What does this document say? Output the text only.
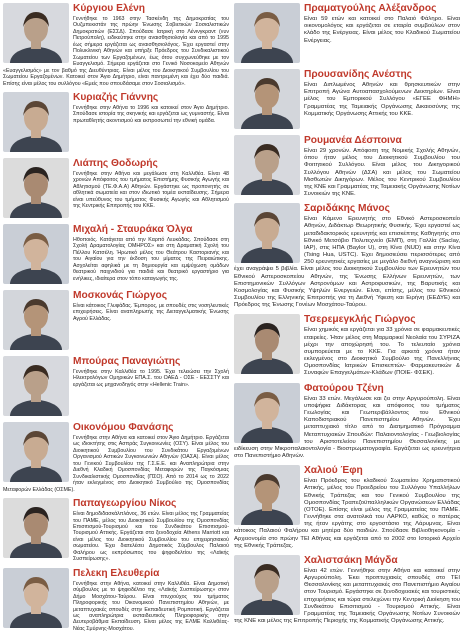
Κύργιου Ελένη

Γεννήθηκε το 1963 στην Τασκένδη της Δημοκρατίας του Ουζμπεκιστάν της πρώην Ένωσης Σοβιετικών Σοσιαλιστικών Δημοκρατιών (ΕΣΣΔ). Σπούδασε Ιατρική στο Λένινγκραντ (νυν Πετρούπολη), ειδικεύτηκε στην αναισθησιολογία και από το 1995 έως σήμερα εργάζεται ως αναισθησιολόγος. Έχει εργαστεί στην Πολυκλινική Αθηνών και υπήρξε Πρόεδρος του Συνδικαλιστικού Σωματείου των Εργαζομένων, έως ότου συγχωνεύθηκε με τον Ευαγγελισμό. Σήμερα εργάζεται στο Γενικό Νοσοκομείο Αθηνών «Ευαγγελισμός» με τον βαθμό της Διευθύντριας. Είναι μέλος του Διοικητικού Συμβουλίου του Σωματείου Εργαζομένων. Κατοικεί στον Άγιο Δημήτριο, είναι παντρεμένη και έχει δύο παιδιά. Επίσης είναι μέλος του συλλόγου «Εμείς που σπουδάσαμε στον Σοσιαλισμό».

Κυριαζής Γιάννης

Γεννήθηκε στην Αθήνα το 1996 και κατοικεί στον Άγιο Δημήτριο. Σπούδασε ιστορία της σκηνικής και εργάζεται ως γυμναστής. Είναι πρωταθλητής ακοντισμού και εκπροσωπεί την εθνική ομάδα.

Λιάπης Θοδωρής

Γεννήθηκε στην Αθήνα και μεγάλωσε στη Καλλιθέα. Είναι 48 χρονών Απόφοιτος του τμήματος Επιστήμης Φυσικής Αγωγής και Αθλητισμού (ΤΕ.Φ.Α.Α) Αθηνών. Εργάστηκε ως προπονητής σε αθλητικά σωματεία και στον ιδιωτικό τομέα εκπαίδευσης. Σήμερα είναι υπεύθυνος του τμήματος Φυσικής Αγωγής και Αθλητισμού της Κεντρικής Επιτροπής του ΚΚΕ.

Μιχαλή - Σταυράκα Όλγα

Ηθοποιός. Κατάγεται από την Καρπό Λευκάδας. Σπούδασε στη Σχολή Δραματολογίας ΟΜΗΡΟΣ» και στη Δραματική Σχολή του Πέλλου Κατσέλη. Ήρωτικό μέλος του Θεάτρου Καστοριανής και του Αιγαίου για την έκδοση του μίματος της Πειραιώτικης. Ασχολείται αφηλικά με τη δημιουργία και εμψύχωση ομάδων θεατρικού παιχνιδιού για παιδιά και θεατρικό εργαστήριο για ενήλικες, ιδιαίτερα στον τόπο καταγωγής της.

Μοσκονάς Γιώργος

Είναι κάτοικος Γλυφάδας. Έμπορος, με σπουδές στις νοσηλευτικές επιχειρήσεις. Είναι αναπληρωτής της Διεταγγελματικής Ένωσης Αγρού Ελλάδας.

Μπούρας Παναγιώτης

Γεννήθηκε στην Καλλιθέα το 1995. Έχει τελειώσει την Σχολή Ηλεκτρολόγων Ομηρικών ΕΠΑ.Σ. του ΟΑΕΔ - ΟΣΕ - ΕΕΣΣΤΥ και εργάζεται ως μηχανοδηγός στην «Hellenic Train».

Οικονόμου Φανάσης

Γεννήθηκε στην Αθήνα και κατοικεί στον Άγιο Δημήτριο. Εργάζεται ως ιδιοκτήτης στις Ασπράς Συγκοινωνίες (ΟΣΥ). Είναι μέλος του Διοικητικού Συμβουλίου του Συνδικάτου Εργαζομένων Οργανισμού Αστικών Συγκοινωνιών Αθηνών (ΟΑΣΑ). Είναι μέλος του Γενικού Συμβουλίου της Γ.Σ.Ε.Ε. και Αναπληρώτρια στην Διεθνή Κλαδική Ομοσπονδίας Μεταφορών της Παγκόσμιας Συνδικαλιστικής Ομοσπονδίας (ΠΣΟ). Από το 2014 ως το 2022 ήταν εκλεγμένος στο Διοικητικό Συμβούλιο της Ομοσπονδίας Μεταφορών Ελλάδας (ΟΣΜΕ).

Παπαγεωργίου Νίκος

Είναι δημοδιδασκάλπλάνος, 36 ετών. Είναι μέλος της Γραμματείας του ΠΑΜΕ, μέλος του Διοικητικού Συμβουλίου της Ομοσπονδίας Επισιτισμού-Τουρισμού και του Συνδικάτου Επισιτισμού-Τουρισμού Αττικής. Εργάζεται στα ξενοδοχεία Athens Marriott και είναι μέλος του Διοικητικού Συμβουλίου του επιχειρησιακού σωματείου. Έχει διατελέσει Δημοτικός Σύμβουλος Παλαιού Φαλήρου ως εκπρόσωπος του ψηφοδελτίου της «Λαϊκής Συσπείρωσης».

Πελεκη Ελευθερία

Γεννήθηκε στην Αθήνα, κατοικεί στην Καλλιθέα. Είναι Δημοτική σύμβουλος με το ψηφοδέλτιο της «Λαϊκής Συσπείρωσης» στον Δήμο Μοσχάτου-Ταύρου. Είναι πτυχιούχος του τμήματος Πληροφορικής του Οικονομικού Πανεπιστημίου Αθηνών, με μεταπτυχιακές σπουδές στην Εκπαιδευτική Ρομποτική. Εργάζεται ως αναπληρώτρια εκπαιδευτικός Πληροφορικής στην Δευτεροβάθμια Εκπαίδευση. Είναι μέλος της ΕΛΜΕ Καλλιθέας-Νέας Σμύρνης-Μοσχάτου.

Πραματγούλης Αλέξανδρος

Είναι 59 ετών και κατοικεί στο Παλαιό Φάληρο. Είναι οικονομολόγος και εργάζεται σε εταιρία συμβούλων στον κλάδο της Ενέργειας. Είναι μέλος του Κλαδικού Σωματείου Ενέργειας.

Προυσανίδης Ανέστης

Είναι Διπλωμένος Αθηνών και θρησκευτικών στην Επιτροπή Αγώνα Αυτοαπασχολούμενων Διεκτηρίων. Είναι μέλος του Εμπορικού Συλλόγου «ΕΓΕΕ ΦΗΜΗ» Γραμματέας της Ταμειακής Οργάνωσης Δικαιοσύνης της Κομματικής Οργάνωσης Αττικής του ΚΚΕ.

Ρουμανέα Δέσποινα

Είναι 29 χρονών. Απόφοιτη της Νομικής Σχολής Αθηνών, όπου ήταν μέλος του Διοικητικού Συμβουλίου του Φοιτητικού Συλλόγου. Είναι μέλος του Δικηγορικού Συλλόγου Αθηνών (ΔΣΑ) και μέλος του Σωματείου Μισθωτών Δικηγόρων. Μέλος του Κεντρικού Συμβουλίου της ΚΝΕ και Γραμματέας της Ταμειακής Οργάνωσης Νοτίων Συνοικιών της ΚΝΕ.

Σαριδάκης Μάνος

Είναι Κάμενο Ερευνητής στο Εθνικό Αστεροσκοπείο Αθηνών, Διδάκτωρ Θεωρητικής Φυσικής. Έχει εργαστεί ως μεταδιδακτορικός ερευνητής και επισκέπτης Καθηγητής στο Εθνικό Μετσόβιο Πολυτεχνείο (ΕΜΠ), στη Γαλλία (Saclay, IAP), στις ΗΠΑ (Baylor U), στη Κίνα (NUD) και στην Κίνα (Tsing Hua, USTC). Έχει δημοσιεύσει περισσότερες από 250 ερευνητικές εργασίες με μεγάλο διεθνή αναγνώριση και έχει αναγράψει 5 βιβλία. Είναι μέλος του Διοικητικού Συμβουλίου των Ερευνητών του Εθνικού Αστεροσκοπείου Αθηνών, της Ένωσης Ελλήνων Ερευνητών, των Επιστημονικών Συλλόγων Αστρονόμων και Αστροφυσικών, της Βαρυτικής και Κοσμολογίας και Φυσικής Υψηλών Ενεργειών. Είναι, επίσης, μέλος του Εθνικού Συμβουλίου της Ελληνικής Επιτροπής για τη Διεθνή Ύφεση και Ειρήνη (ΕΕΔΥΕ) και Πρόεδρος της Ένωσης Γονέων Μοσχάτου-Ταύρου.

Τσερεμεγκλής Γιώργος

Είναι χημικός και εργάζεται για 33 χρόνια σε φαρμακευτικές εταιρείες. Ήταν μέλος στη Μαρμαρικεί Νεολαία του ΣΥΡΙΖΑ μέχρι την αποχώρησή του. Το τελευταίο χρόνια συμπορεύεται με το ΚΚΕ. Για αρκετά χρόνια ήταν εκλεγμένος στο Διοικητικό Συμβούλιο της Πανελλήνιας Ομοσπονδίας Ιατρικών Επισκεπτών- Φαρμακευτικών & Συναφών Επαγγελμάτων-Κλάδων (ΠΟΙΕ- ΦΣΕΚ).

Φατούρου Τζένη

Είναι 33 ετών. Μεγάλωσε και ζει στην Αργυρούπολη. Είναι υποψήφια Διδάκτορας και απόφοιτος του τμήματος Γεωλογίας και Γεωπεριβάλλοντος του Εθνικού Καποδιστριακού Πανεπιστημίου Αθηνών. Έχει μεταπτυχιακό τίτλο από το Διατμηματικό Πρόγραμμα Μεταπτυχιακών Σπουδών: Παλαιοντολογίας - Γεωβιολογίας του Αριστοτελείου Πανεπιστημίου Θεσσαλονίκης με ειδίκευση στην Μικροπαλαιοντολογία - Βιοστρωματογραφία. Εργάζεται ως ερευνήτρια στο Πανεπιστήμιο Αθηνών.

Χαλιού Έφη

Είναι Πρόεδρος του κλαδικού Σωματείου Χρηματιστικού Αττικής, μέλος του Προεδρείου του Συλλόγου Υπαλλήλων Εθνικής Τράπεζας και του Γενικού Συμβουλίου της Ομοσπονδίας Τραπεζοϋπαλληλικών Οργανώσεων Ελλάδας (ΟΤΟΕ). Επίσης είναι μέλος της Γραμματείας του ΠΑΜΕ. Γεννήθηκε στα ανατολικά του ΛΑΡΚΟ, καθώς ο πατέρας της ήταν εργάτης στο εργοστάσιο της Λάρυμνας. Είναι κάτοικος Παλαιού Φαλήρου και μητέρα δύο παιδιών. Σπούδασε Βιβλιοθηκονομία - Αρχειονομία στο πρώην ΤΕΙ Αθήνας και εργάζεται από το 2002 στο Ιστορικό Αρχείο της Εθνικής Τράπεζας.

Χαλιστσάκη Μάγδα

Είναι 42 ετών. Γεννήθηκε στην Αθήνα και κατοικεί στην Αργυρούπολη. Έκει προπτυχιακές σπουδές στο ΤΕΙ Θεσσαλονίκης και μεταπτυχιακές στο Πανεπιστήμιο Αιγαίου στον Τουρισμό. Εργάστηκε σε ξενοδοχειακές και τουριστικές επιχειρήσεις και τώρα στελεχώνει την Κεντρική Διοίκηση του Συνδικάτου Επισιτισμού - Τουρισμού Αττικής. Είναι Γραμματέας της Ταμειακής Οργάνωσης Νοτίων Συνοικιών της ΚΝΕ και μέλος της Επιτροπής Περιοχής της Κομματικής Οργάνωσης Αττικής.
